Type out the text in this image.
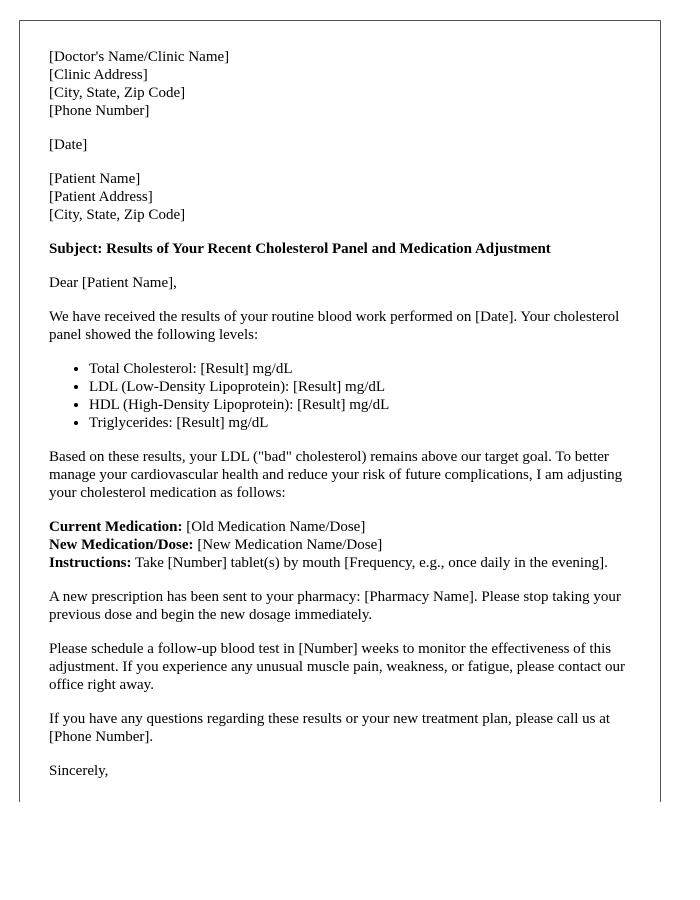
[Doctor's Name/Clinic Name]
[Clinic Address]
[City, State, Zip Code]
[Phone Number]
[Date]
[Patient Name]
[Patient Address]
[City, State, Zip Code]
Subject: Results of Your Recent Cholesterol Panel and Medication Adjustment
Dear [Patient Name],
We have received the results of your routine blood work performed on [Date]. Your cholesterol panel showed the following levels:
• Total Cholesterol: [Result] mg/dL
• LDL (Low-Density Lipoprotein): [Result] mg/dL
• HDL (High-Density Lipoprotein): [Result] mg/dL
• Triglycerides: [Result] mg/dL
Based on these results, your LDL ("bad" cholesterol) remains above our target goal. To better manage your cardiovascular health and reduce your risk of future complications, I am adjusting your cholesterol medication as follows:
Current Medication: [Old Medication Name/Dose]
New Medication/Dose: [New Medication Name/Dose]
Instructions: Take [Number] tablet(s) by mouth [Frequency, e.g., once daily in the evening].
A new prescription has been sent to your pharmacy: [Pharmacy Name]. Please stop taking your previous dose and begin the new dosage immediately.
Please schedule a follow-up blood test in [Number] weeks to monitor the effectiveness of this adjustment. If you experience any unusual muscle pain, weakness, or fatigue, please contact our office right away.
If you have any questions regarding these results or your new treatment plan, please call us at [Phone Number].
Sincerely,
